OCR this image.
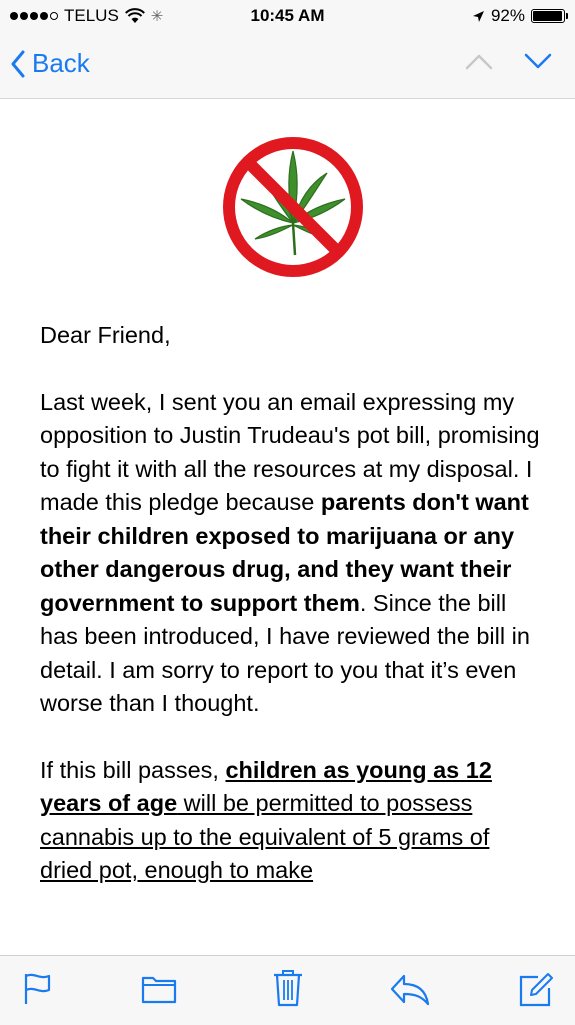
TELUS ✳	10:45 AM	92%
Back

Dear Friend,

Last week, I sent you an email expressing my opposition to Justin Trudeau's pot bill, promising to fight it with all the resources at my disposal. I made this pledge because parents don't want their children exposed to marijuana or any other dangerous drug, and they want their government to support them. Since the bill has been introduced, I have reviewed the bill in detail. I am sorry to report to you that it’s even worse than I thought.

If this bill passes, children as young as 12 years of age will be permitted to possess cannabis up to the equivalent of 5 grams of dried pot, enough to make
